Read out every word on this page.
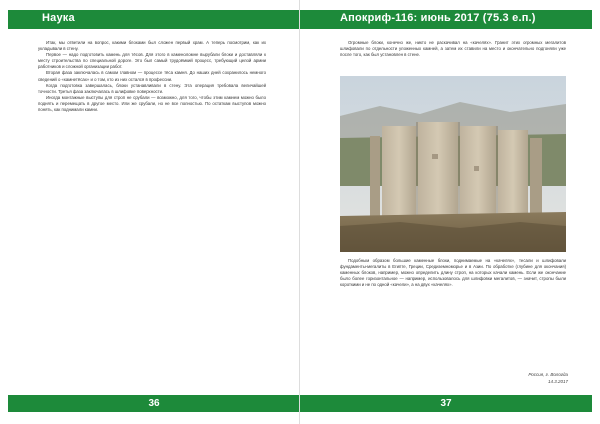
Наука

Итак, мы ответили на вопрос, какими блоками был сложен первый храм. А теперь посмотрим, как их укладывали в стену.

Первое — надо подготовить камень для тёсов. Для этого в каменоломне вырубали блоки и доставляли к месту строительства по специальной дороге. Это был самый трудоёмкий процесс, требующий целой армии работников и сложной организации работ.

Вторая фаза заключалась в самом главном — процессе тёса камня. До наших дней сохранилось немного сведений о «камнетёсах» и о том, кто из них остался в профессии.

Когда подготовка завершалась, блоки устанавливали в стену. Эта операция требовала величайшей точности. Третья фаза заключалась в шлифовке поверхности.

Иногда монтажные выступы для строп не срубали — возможно, для того, чтобы этим камнем можно было поднять и перемещать в другое место. Или же срубали, но не все полностью. По остаткам выступов можно понять, как поднимали камни.

36
Апокриф-116: июнь 2017 (75.3 е.п.)

Огромные блоки, конечно же, никто не раскачивал на «качелях». Гранит этих огромных мегалитов шлифовали по отдельности уложенных камней, а затем их ставили на место и окончательно подгоняли уже после того, как был установлен в стене.

Подобным образом большие каменные блоки, поднимаемые на «качелях», тесали и шлифовали фундаменты-мегалиты в Египте, Греции, Средиземноморье и в Азии. По обработке (глубине для окончания) каменных блоков, например, можно определить длину строп, на которых качали камень. Если же окончание было более горизонтальное — например, использовалось для шлифовки мегалитов, — значит, стропы были короткими и не по одной «качели», а на двух «качелях».

Россия, г. Вологда
14.3.2017
37
